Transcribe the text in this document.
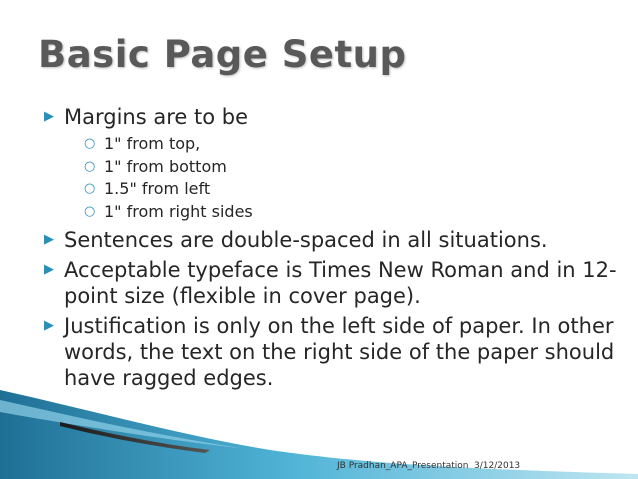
Basic Page Setup
▶ Margins are to be
○ 1" from top,
○ 1" from bottom
○ 1.5" from left
○ 1" from right sides
▶ Sentences are double-spaced in all situations.
▶ Acceptable typeface is Times New Roman and in 12-point size (flexible in cover page).
▶ Justification is only on the left side of paper. In other words, the text on the right side of the paper should have ragged edges.
JB Pradhan_APA_Presentation 3/12/2013
